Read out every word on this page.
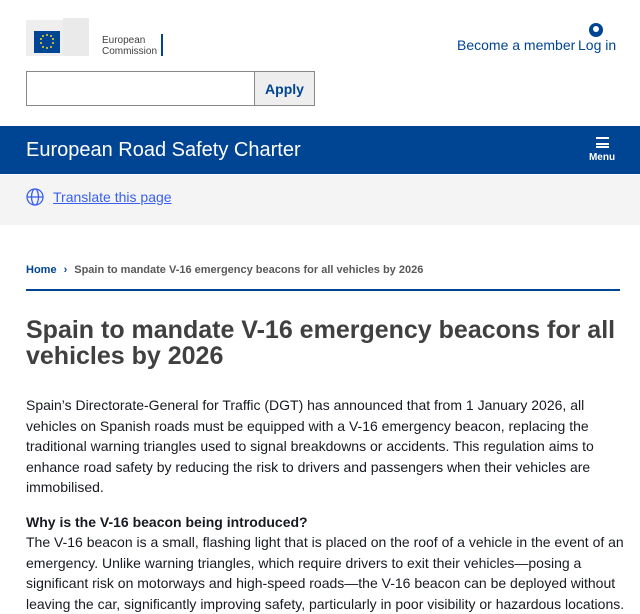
European
Commission	Become a member Log in
Apply
European Road Safety Charter	Menu
Translate this page
Home › Spain to mandate V-16 emergency beacons for all vehicles by 2026
Spain to mandate V-16 emergency beacons for all vehicles by 2026

Spain’s Directorate-General for Traffic (DGT) has announced that from 1 January 2026, all vehicles on Spanish roads must be equipped with a V-16 emergency beacon, replacing the traditional warning triangles used to signal breakdowns or accidents. This regulation aims to enhance road safety by reducing the risk to drivers and passengers when their vehicles are immobilised.

Why is the V-16 beacon being introduced?

The V-16 beacon is a small, flashing light that is placed on the roof of a vehicle in the event of an emergency. Unlike warning triangles, which require drivers to exit their vehicles—posing a significant risk on motorways and high-speed roads—the V-16 beacon can be deployed without leaving the car, significantly improving safety, particularly in poor visibility or hazardous locations.
